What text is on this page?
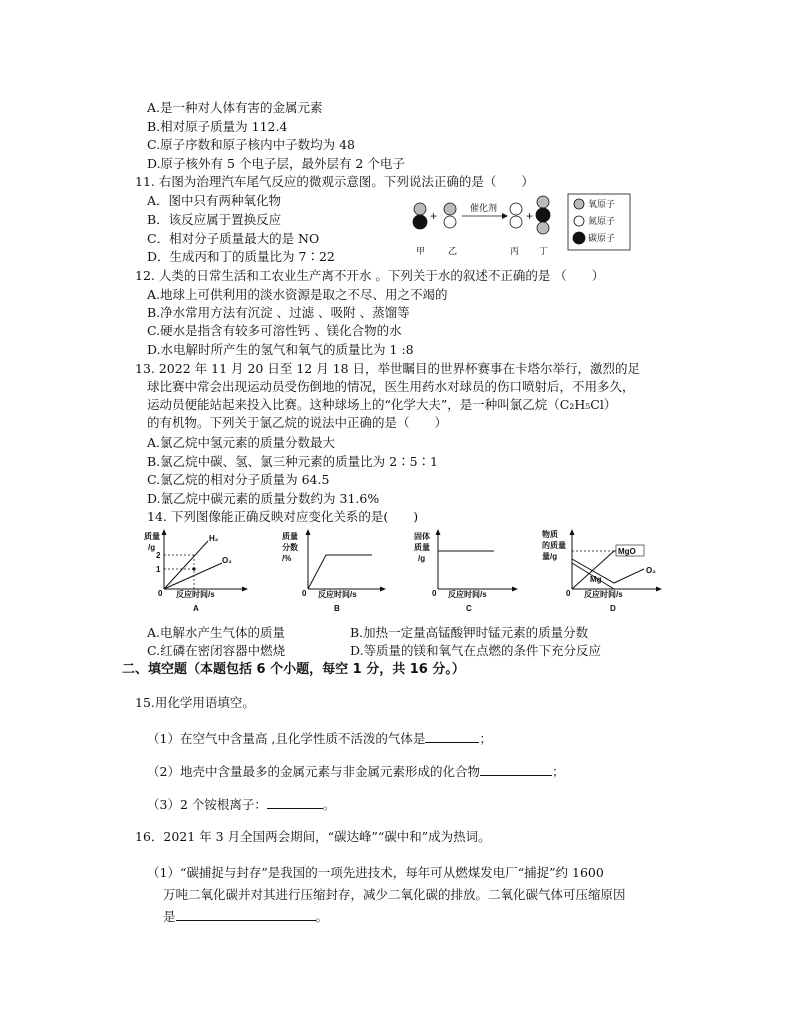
A.是一种对人体有害的金属元素
B.相对原子质量为 112.4
C.原子序数和原子核内中子数均为 48
D.原子核外有 5 个电子层，最外层有 2 个电子
11. 右图为治理汽车尾气反应的微观示意图。下列说法正确的是（　　）
A．图中只有两种氧化物
B．该反应属于置换反应
C．相对分子质量最大的是 NO
D．生成丙和丁的质量比为 7∶22
+
催化剂
+
甲	乙	丙 丁
氧原子
氮原子
碳原子
12. 人类的日常生活和工农业生产离不开水 。下列关于水的叙述不正确的是 （　　）
A.地球上可供利用的淡水资源是取之不尽、用之不竭的
B.净水常用方法有沉淀 、过滤 、吸附 、蒸馏等
C.硬水是指含有较多可溶性钙 、镁化合物的水
D.水电解时所产生的氢气和氧气的质量比为 1 :8
13. 2022 年 11 月 20 日至 12 月 18 日，举世瞩目的世界杯赛事在卡塔尔举行，激烈的足
球比赛中常会出现运动员受伤倒地的情况，医生用药水对球员的伤口喷射后，不用多久，
运动员便能站起来投入比赛。这种球场上的“化学大夫”，是一种叫氯乙烷（C₂H₅Cl）
的有机物。下列关于氯乙烷的说法中正确的是（　　）
A.氯乙烷中氢元素的质量分数最大
B.氯乙烷中碳、氢、氯三种元素的质量比为 2∶5∶1
C.氯乙烷的相对分子质量为 64.5
D.氯乙烷中碳元素的质量分数约为 31.6%
14. 下列图像能正确反映对应变化关系的是(　　)
质量
/g
2
1
H₂
O₂
0 反应时间/s
A
质量
分数
/%
0 反应时间/s
B
固体
质量
/g
0 反应时间/s
C
物质
的质量
量/g
MgO
O₂
Mg
0 反应时间/s
D
A.电解水产生气体的质量	B.加热一定量高锰酸钾时锰元素的质量分数
C.红磷在密闭容器中燃烧	D.等质量的镁和氧气在点燃的条件下充分反应
二、填空题（本题包括 6 个小题，每空 1 分，共 16 分。）
15.用化学用语填空。
（1）在空气中含量高 ,且化学性质不活泼的气体是	；
（2）地壳中含量最多的金属元素与非金属元素形成的化合物	；
（3）2 个铵根离子：	。
16．2021 年 3 月全国两会期间，“碳达峰”“碳中和”成为热词。
（1）“碳捕捉与封存”是我国的一项先进技术，每年可从燃煤发电厂“捕捉”约 1600
万吨二氧化碳并对其进行压缩封存，减少二氧化碳的排放。二氧化碳气体可压缩原因
是	。
